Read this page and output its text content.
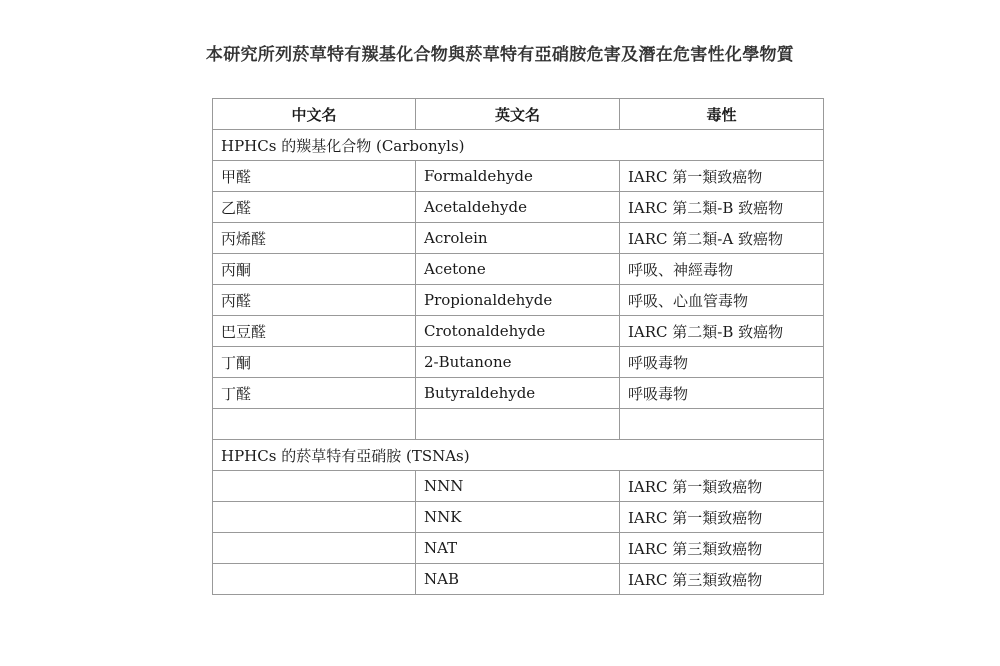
本研究所列菸草特有羰基化合物與菸草特有亞硝胺危害及潛在危害性化學物質
中文名	英文名	毒性
HPHCs 的羰基化合物 (Carbonyls)		
甲醛	Formaldehyde	IARC 第一類致癌物
乙醛	Acetaldehyde	IARC 第二類-B 致癌物
丙烯醛	Acrolein	IARC 第二類-A 致癌物
丙酮	Acetone	呼吸、神經毒物
丙醛	Propionaldehyde	呼吸、心血管毒物
巴豆醛	Crotonaldehyde	IARC 第二類-B 致癌物
丁酮	2-Butanone	呼吸毒物
丁醛	Butyraldehyde	呼吸毒物

HPHCs 的菸草特有亞硝胺 (TSNAs)		
	NNN	IARC 第一類致癌物
	NNK	IARC 第一類致癌物
	NAT	IARC 第三類致癌物
	NAB	IARC 第三類致癌物
